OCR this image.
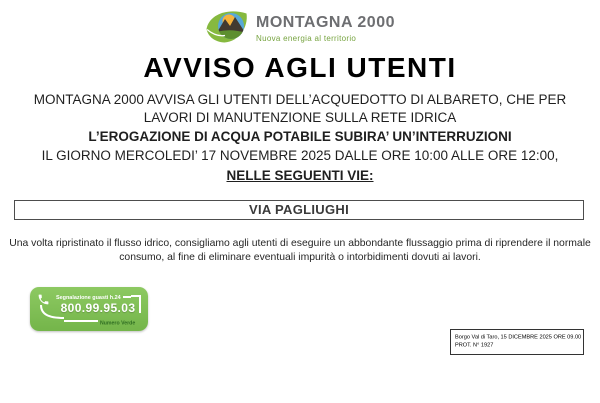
MONTAGNA 2000
Nuova energia al territorio
AVVISO AGLI UTENTI
MONTAGNA 2000 AVVISA GLI UTENTI DELL’ACQUEDOTTO DI ALBARETO, CHE PER
LAVORI DI MANUTENZIONE SULLA RETE IDRICA
L’EROGAZIONE DI ACQUA POTABILE SUBIRA’ UN’INTERRUZIONI
IL GIORNO MERCOLEDI’ 17 NOVEMBRE 2025 DALLE ORE 10:00 ALLE ORE 12:00,
NELLE SEGUENTI VIE:
VIA PAGLIUGHI
Una volta ripristinato il flusso idrico, consigliamo agli utenti di eseguire un abbondante flussaggio prima di riprendere il normale
consumo, al fine di eliminare eventuali impurità o intorbidimenti dovuti ai lavori.
Segnalazione guasti h.24
800.99.95.03
Numero Verde
Borgo Val di Taro, 15 DICEMBRE 2025 ORE 09.00
PROT. N° 1927
